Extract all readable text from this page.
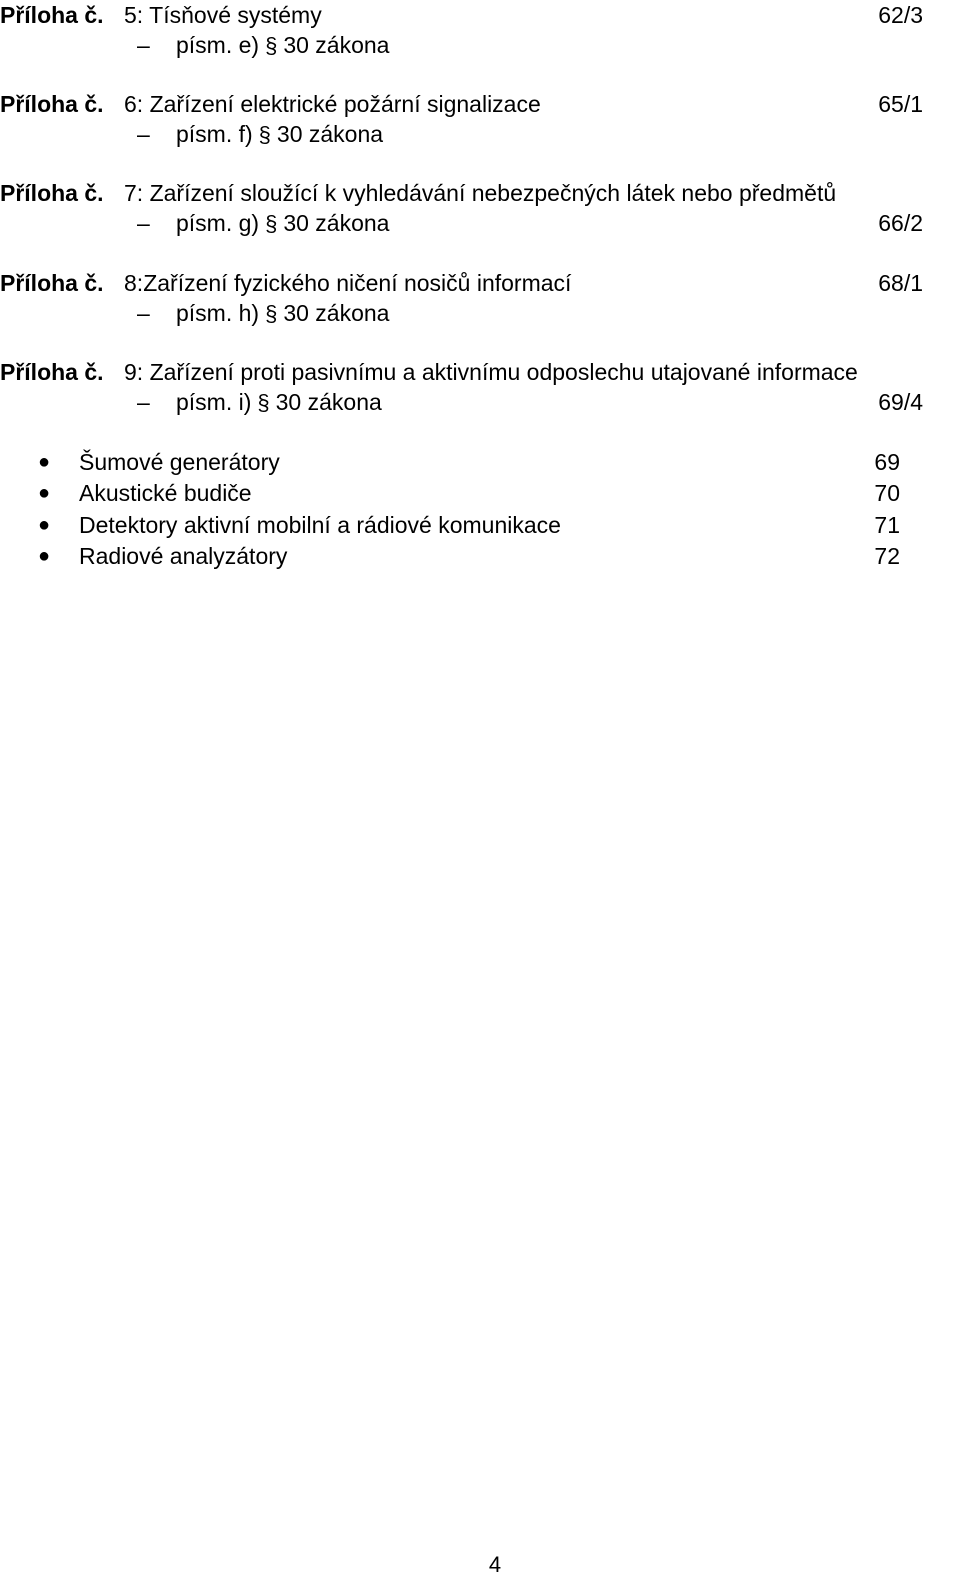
Příloha č. 5: Tísňové systémy	62/3
– písm. e) § 30 zákona
Příloha č. 6: Zařízení elektrické požární signalizace	65/1
– písm. f) § 30 zákona
Příloha č. 7: Zařízení sloužící k vyhledávání nebezpečných látek nebo předmětů
– písm. g) § 30 zákona	66/2
Příloha č. 8:Zařízení fyzického ničení nosičů informací	68/1
– písm. h) § 30 zákona
Příloha č. 9: Zařízení proti pasivnímu a aktivnímu odposlechu utajované informace
– písm. i) § 30 zákona	69/4
● Šumové generátory	69
● Akustické budiče	70
● Detektory aktivní mobilní a rádiové komunikace	71
● Radiové analyzátory	72
4
